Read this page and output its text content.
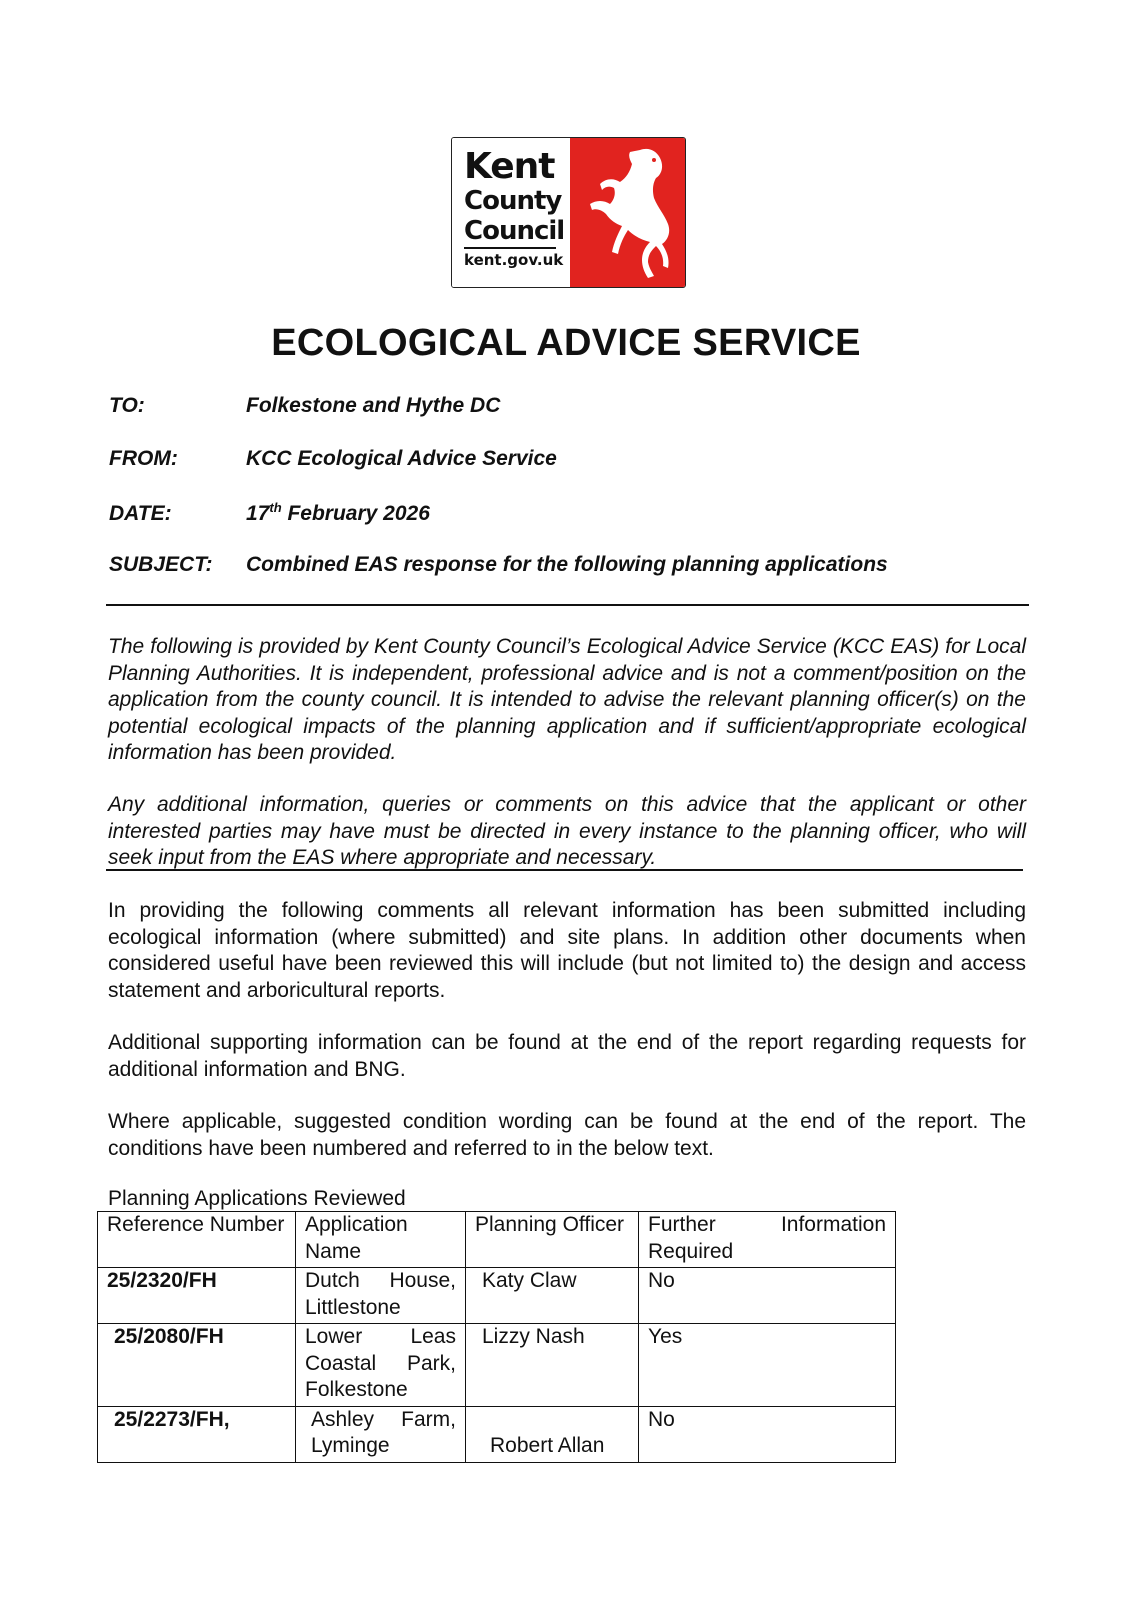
Kent
County
Council
kent.gov.uk
ECOLOGICAL ADVICE SERVICE
TO:	Folkestone and Hythe DC
FROM:	KCC Ecological Advice Service
DATE:	17th February 2026
SUBJECT: Combined EAS response for the following planning applications

The following is provided by Kent County Council’s Ecological Advice Service (KCC EAS) for Local Planning Authorities. It is independent, professional advice and is not a comment/position on the application from the county council. It is intended to advise the relevant planning officer(s) on the potential ecological impacts of the planning application and if sufficient/appropriate ecological information has been provided.

Any additional information, queries or comments on this advice that the applicant or other interested parties may have must be directed in every instance to the planning officer, who will seek input from the EAS where appropriate and necessary.

In providing the following comments all relevant information has been submitted including ecological information (where submitted) and site plans. In addition other documents when considered useful have been reviewed this will include (but not limited to) the design and access statement and arboricultural reports.

Additional supporting information can be found at the end of the report regarding requests for additional information and BNG.

Where applicable, suggested condition wording can be found at the end of the report. The conditions have been numbered and referred to in the below text.

Planning Applications Reviewed
Reference Number	Application Name	Planning Officer	Further Information Required
25/2320/FH	Dutch House, Littlestone	Katy Claw	No
25/2080/FH	Lower Leas Coastal Park, Folkestone	Lizzy Nash	Yes
25/2273/FH,	Ashley Farm, Lyminge	Robert Allan	No
